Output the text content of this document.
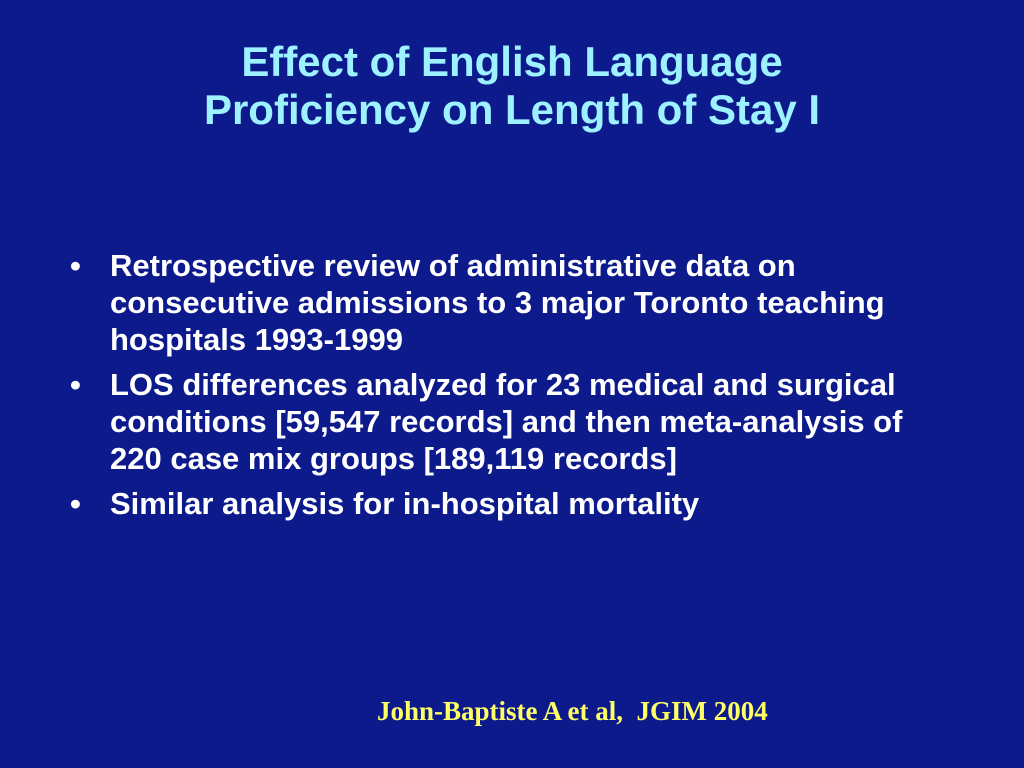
Effect of English Language
Proficiency on Length of Stay I
• Retrospective review of administrative data on consecutive admissions to 3 major Toronto teaching hospitals 1993-1999
• LOS differences analyzed for 23 medical and surgical conditions [59,547 records] and then meta-analysis of 220 case mix groups [189,119 records]
• Similar analysis for in-hospital mortality
John-Baptiste A et al,  JGIM 2004
